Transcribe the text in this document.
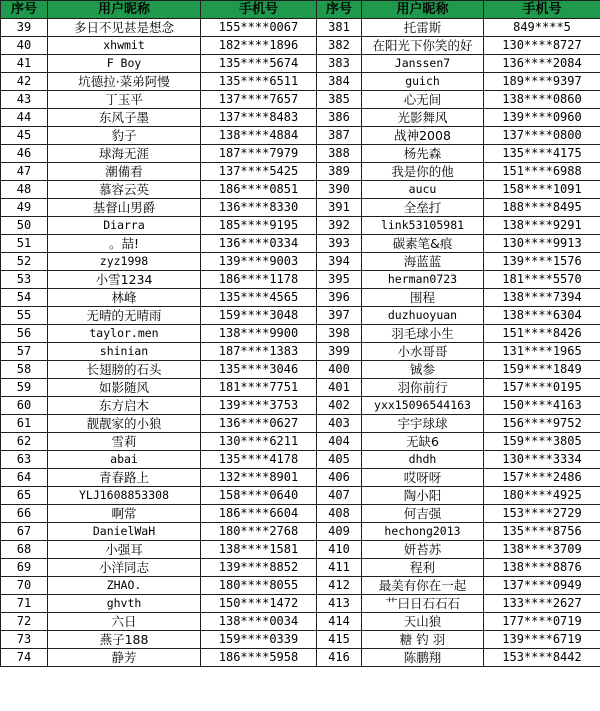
序号	用户昵称	手机号	序号	用户昵称	手机号
39	多日不见甚是想念	155****0067	381	托雷斯	849****5
40	xhwmit	182****1896	382	在阳光下你笑的好	130****8727
41	F Boy	135****5674	383	Janssen7	136****2084
42	坑德拉·菜弟阿慢	135****6511	384	guich	189****9397
43	丁玉平	137****7657	385	心无间	138****0860
44	东风子墨	137****8483	386	光影舞风	139****0960
45	豹子	138****4884	387	战神2008	137****0800
46	球海无涯	187****7979	388	杨先森	135****4175
47	潮備看	137****5425	389	我是你的他	151****6988
48	慕容云英	186****0851	390	aucu	158****1091
49	基督山男爵	136****8330	391	全垒打	188****8495
50	Diarra	185****9195	392	link53105981	138****9291
51	。喆!	136****0334	393	碳素笔&痕	130****9913
52	zyz1998	139****9003	394	海蓝蓝	139****1576
53	小雪1234	186****1178	395	herman0723	181****5570
54	林峰	135****4565	396	围程	138****7394
55	无晴的无晴雨	159****3048	397	duzhuoyuan	138****6304
56	taylor.men	138****9900	398	羽毛球小生	151****8426
57	shinian	187****1383	399	小水哥哥	131****1965
58	长翅膀的石头	135****3046	400	铖参	159****1849
59	如影随风	181****7751	401	羽你前行	157****0195
60	东方启木	139****3753	402	yxx15096544163	150****4163
61	靓靓家的小狼	136****0627	403	宇宇球球	156****9752
62	雪莉	130****6211	404	无缺6	159****3805
63	abai	135****4178	405	dhdh	130****3334
64	青春路上	132****8901	406	哎呀呀	157****2486
65	YLJ1608853308	158****0640	407	陶小阳	180****4925
66	啊常	186****6604	408	何吉强	153****2729
67	DanielWaH	180****2768	409	hechong2013	135****8756
68	小强耳	138****1581	410	妍苔苏	138****3709
69	小洋同志	139****8852	411	程利	138****8876
70	ZHAO.	180****8055	412	最美有你在一起	137****0949
71	ghvth	150****1472	413	艹曰日石石石	133****2627
72	六日	138****0034	414	天山狼	177****0719
73	燕子188	159****0339	415	糖 钓 羽	139****6719
74	静芳	186****5958	416	陈鹏翔	153****8442
